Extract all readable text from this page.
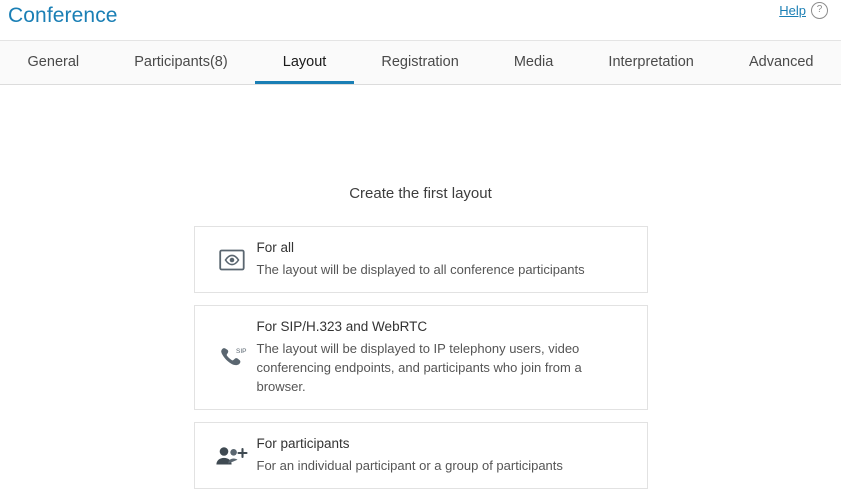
Conference	Help	?
General	Participants(8)	Layout	Registration	Media	Interpretation	Advanced
Create the first layout
For all
The layout will be displayed to all conference participants
SIP
For SIP/H.323 and WebRTC
The layout will be displayed to IP telephony users, video conferencing endpoints, and participants who join from a browser.
For participants
For an individual participant or a group of participants
